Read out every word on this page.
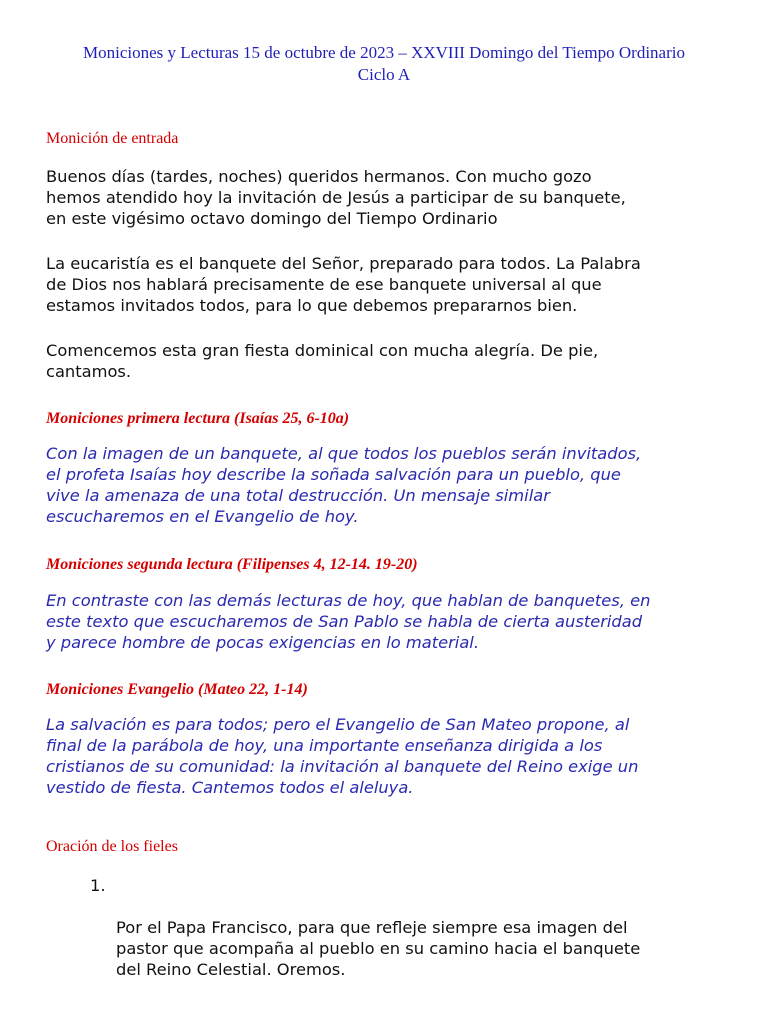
Moniciones y Lecturas 15 de octubre de 2023 – XXVIII Domingo del Tiempo Ordinario
Ciclo A
Monición de entrada
Buenos días (tardes, noches) queridos hermanos. Con mucho gozo
hemos atendido hoy la invitación de Jesús a participar de su banquete,
en este vigésimo octavo domingo del Tiempo Ordinario
La eucaristía es el banquete del Señor, preparado para todos. La Palabra
de Dios nos hablará precisamente de ese banquete universal al que
estamos invitados todos, para lo que debemos prepararnos bien.
Comencemos esta gran fiesta dominical con mucha alegría. De pie,
cantamos.
Moniciones primera lectura (Isaías 25, 6-10a)
Con la imagen de un banquete, al que todos los pueblos serán invitados,
el profeta Isaías hoy describe la soñada salvación para un pueblo, que
vive la amenaza de una total destrucción. Un mensaje similar
escucharemos en el Evangelio de hoy.
Moniciones segunda lectura (Filipenses 4, 12-14. 19-20)
En contraste con las demás lecturas de hoy, que hablan de banquetes, en
este texto que escucharemos de San Pablo se habla de cierta austeridad
y parece hombre de pocas exigencias en lo material.
Moniciones Evangelio (Mateo 22, 1-14)
La salvación es para todos; pero el Evangelio de San Mateo propone, al
final de la parábola de hoy, una importante enseñanza dirigida a los
cristianos de su comunidad: la invitación al banquete del Reino exige un
vestido de fiesta. Cantemos todos el aleluya.
Oración de los fieles

1.

Por el Papa Francisco, para que refleje siempre esa imagen del
pastor que acompaña al pueblo en su camino hacia el banquete
del Reino Celestial. Oremos.
